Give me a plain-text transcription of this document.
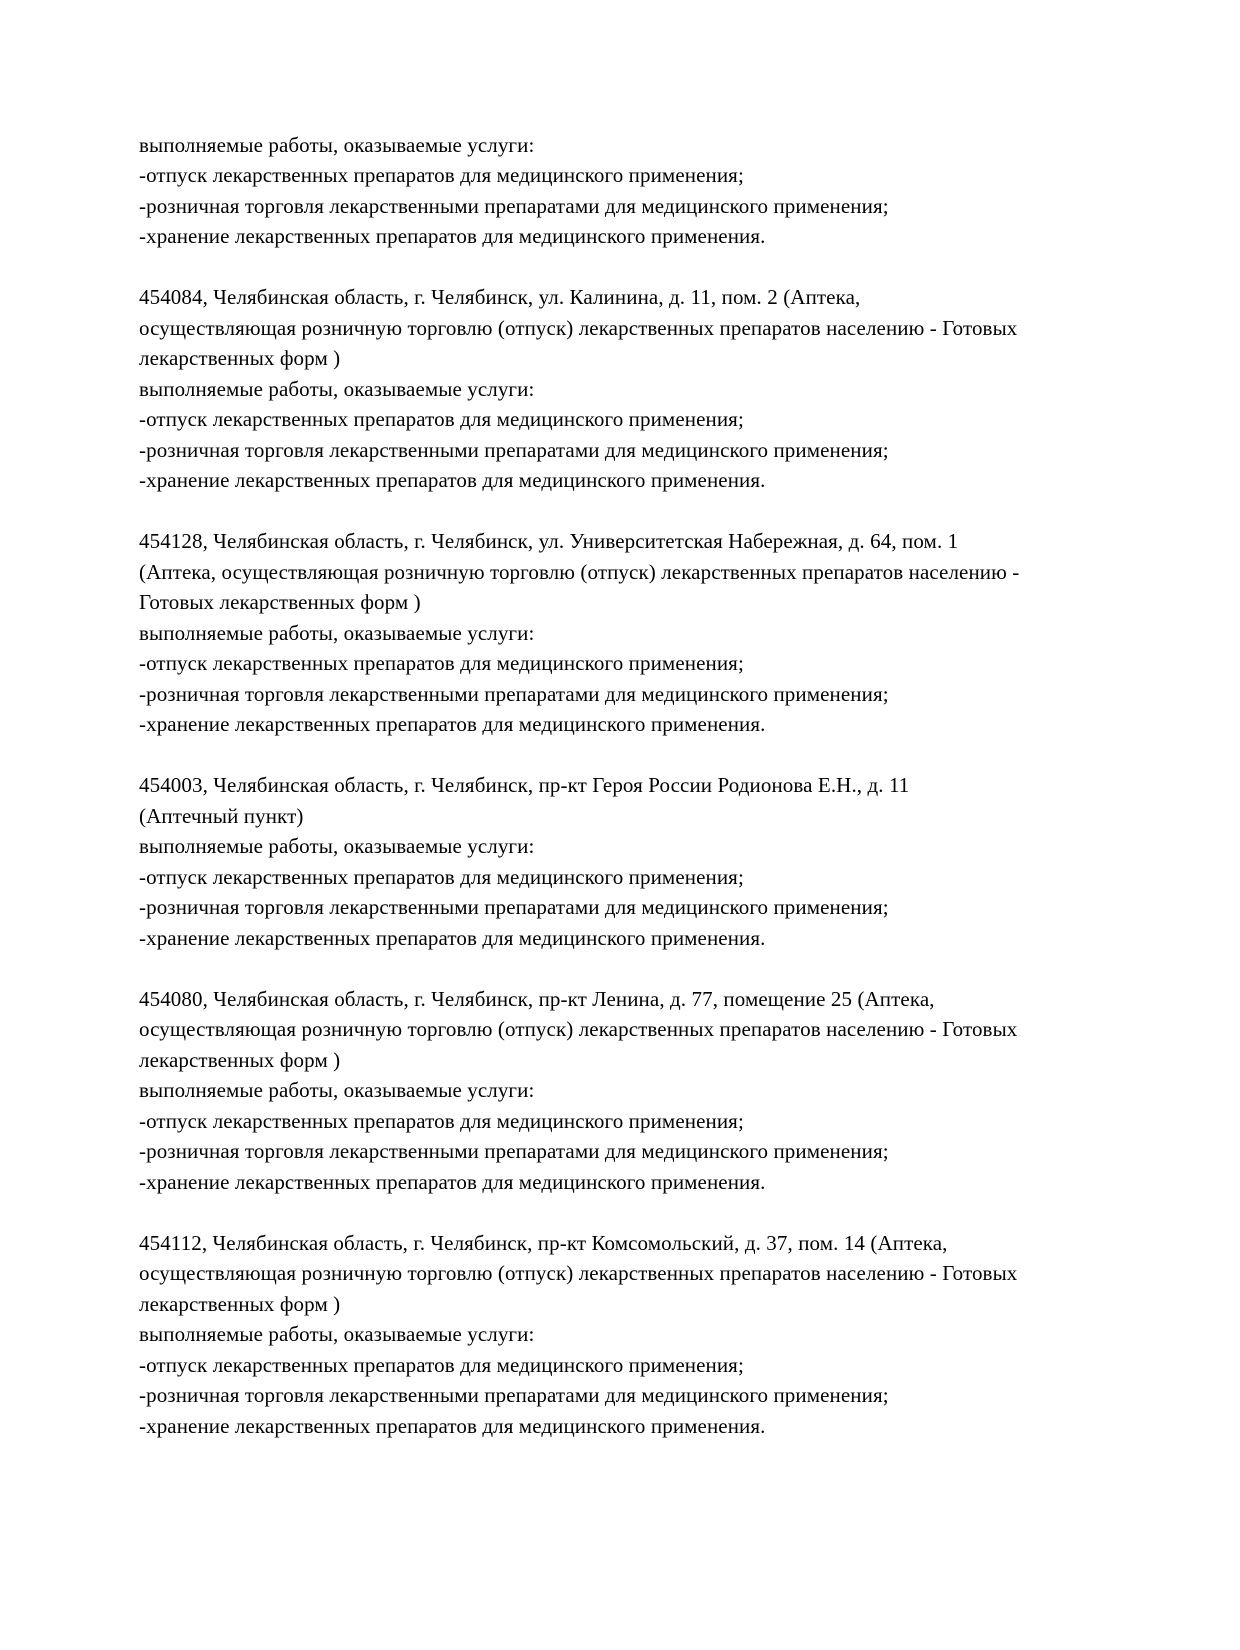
выполняемые работы, оказываемые услуги:
-отпуск лекарственных препаратов для медицинского применения;
-розничная торговля лекарственными препаратами для медицинского применения;
-хранение лекарственных препаратов для медицинского применения.

454084, Челябинская область, г. Челябинск, ул. Калинина, д. 11, пом. 2 (Аптека,
осуществляющая розничную торговлю (отпуск) лекарственных препаратов населению - Готовых
лекарственных форм )
выполняемые работы, оказываемые услуги:
-отпуск лекарственных препаратов для медицинского применения;
-розничная торговля лекарственными препаратами для медицинского применения;
-хранение лекарственных препаратов для медицинского применения.

454128, Челябинская область, г. Челябинск, ул. Университетская Набережная, д. 64, пом. 1
(Аптека, осуществляющая розничную торговлю (отпуск) лекарственных препаратов населению -
Готовых лекарственных форм )
выполняемые работы, оказываемые услуги:
-отпуск лекарственных препаратов для медицинского применения;
-розничная торговля лекарственными препаратами для медицинского применения;
-хранение лекарственных препаратов для медицинского применения.

454003, Челябинская область, г. Челябинск, пр-кт Героя России Родионова Е.Н., д. 11
(Аптечный пункт)
выполняемые работы, оказываемые услуги:
-отпуск лекарственных препаратов для медицинского применения;
-розничная торговля лекарственными препаратами для медицинского применения;
-хранение лекарственных препаратов для медицинского применения.

454080, Челябинская область, г. Челябинск, пр-кт Ленина, д. 77, помещение 25 (Аптека,
осуществляющая розничную торговлю (отпуск) лекарственных препаратов населению - Готовых
лекарственных форм )
выполняемые работы, оказываемые услуги:
-отпуск лекарственных препаратов для медицинского применения;
-розничная торговля лекарственными препаратами для медицинского применения;
-хранение лекарственных препаратов для медицинского применения.

454112, Челябинская область, г. Челябинск, пр-кт Комсомольский, д. 37, пом. 14 (Аптека,
осуществляющая розничную торговлю (отпуск) лекарственных препаратов населению - Готовых
лекарственных форм )
выполняемые работы, оказываемые услуги:
-отпуск лекарственных препаратов для медицинского применения;
-розничная торговля лекарственными препаратами для медицинского применения;
-хранение лекарственных препаратов для медицинского применения.
